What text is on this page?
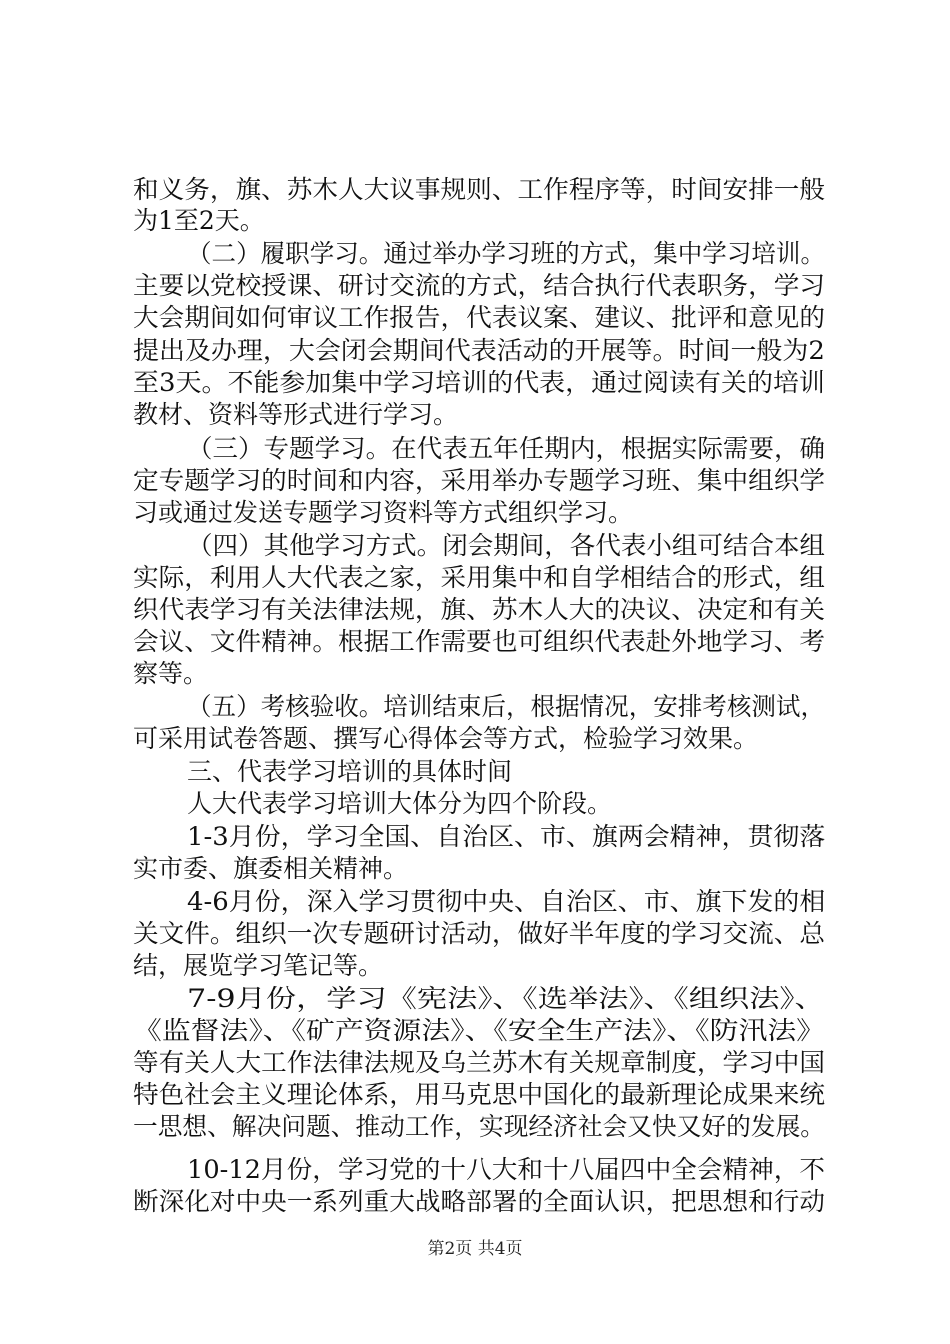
和义务，旗、苏木人大议事规则、工作程序等，时间安排一般
为1至2天。
（二）履职学习。通过举办学习班的方式，集中学习培训。
主要以党校授课、研讨交流的方式，结合执行代表职务，学习
大会期间如何审议工作报告，代表议案、建议、批评和意见的
提出及办理，大会闭会期间代表活动的开展等。时间一般为2
至3天。不能参加集中学习培训的代表，通过阅读有关的培训
教材、资料等形式进行学习。
（三）专题学习。在代表五年任期内，根据实际需要，确
定专题学习的时间和内容，采用举办专题学习班、集中组织学
习或通过发送专题学习资料等方式组织学习。
（四）其他学习方式。闭会期间，各代表小组可结合本组
实际，利用人大代表之家，采用集中和自学相结合的形式，组
织代表学习有关法律法规，旗、苏木人大的决议、决定和有关
会议、文件精神。根据工作需要也可组织代表赴外地学习、考
察等。
（五）考核验收。培训结束后，根据情况，安排考核测试，
可采用试卷答题、撰写心得体会等方式，检验学习效果。
三、代表学习培训的具体时间
人大代表学习培训大体分为四个阶段。
1-3月份，学习全国、自治区、市、旗两会精神，贯彻落
实市委、旗委相关精神。
4-6月份，深入学习贯彻中央、自治区、市、旗下发的相
关文件。组织一次专题研讨活动，做好半年度的学习交流、总
结，展览学习笔记等。
7-9月份，学习《宪法》、《选举法》、《组织法》、
《监督法》、《矿产资源法》、《安全生产法》、《防汛法》
等有关人大工作法律法规及乌兰苏木有关规章制度，学习中国
特色社会主义理论体系，用马克思中国化的最新理论成果来统
一思想、解决问题、推动工作，实现经济社会又快又好的发展。
10-12月份，学习党的十八大和十八届四中全会精神，不
断深化对中央一系列重大战略部署的全面认识，把思想和行动
第2页 共4页
